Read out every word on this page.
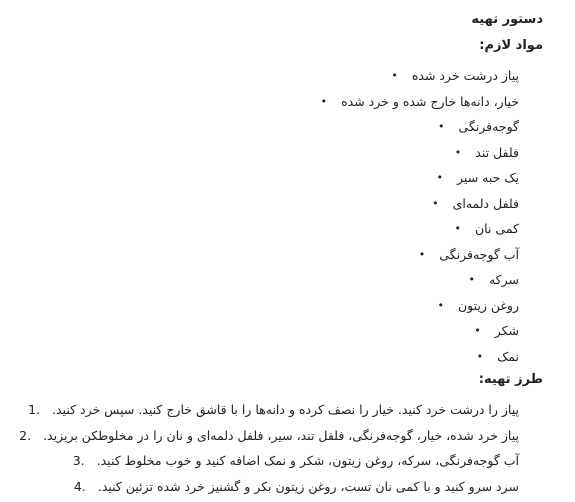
دستور تهیه
مواد لازم:
پیاز درشت خرد شده
•
خیار، دانه‌ها خارج شده و خرد شده
•
گوجه‌فرنگی
•
فلفل تند
•
یک حبه سیر
•
فلفل دلمه‌ای
•
کمی نان
•
آب گوجه‌فرنگی
•
سرکه
•
روغن زیتون
•
شکر
•
نمک
•
طرز تهیه:
.1 پیاز را درشت خرد کنید. خیار را نصف کرده و دانه‌ها را با قاشق خارج کنید. سپس خرد کنید.
.2 پیاز خرد شده، خیار، گوجه‌فرنگی، فلفل تند، سیر، فلفل دلمه‌ای و نان را در مخلوطکن بریزید.
.3 آب گوجه‌فرنگی، سرکه، روغن زیتون، شکر و نمک اضافه کنید و خوب مخلوط کنید.
.4 سرد سرو کنید و با کمی نان تست، روغن زیتون بکر و گشنیز خرد شده تزئین کنید.
